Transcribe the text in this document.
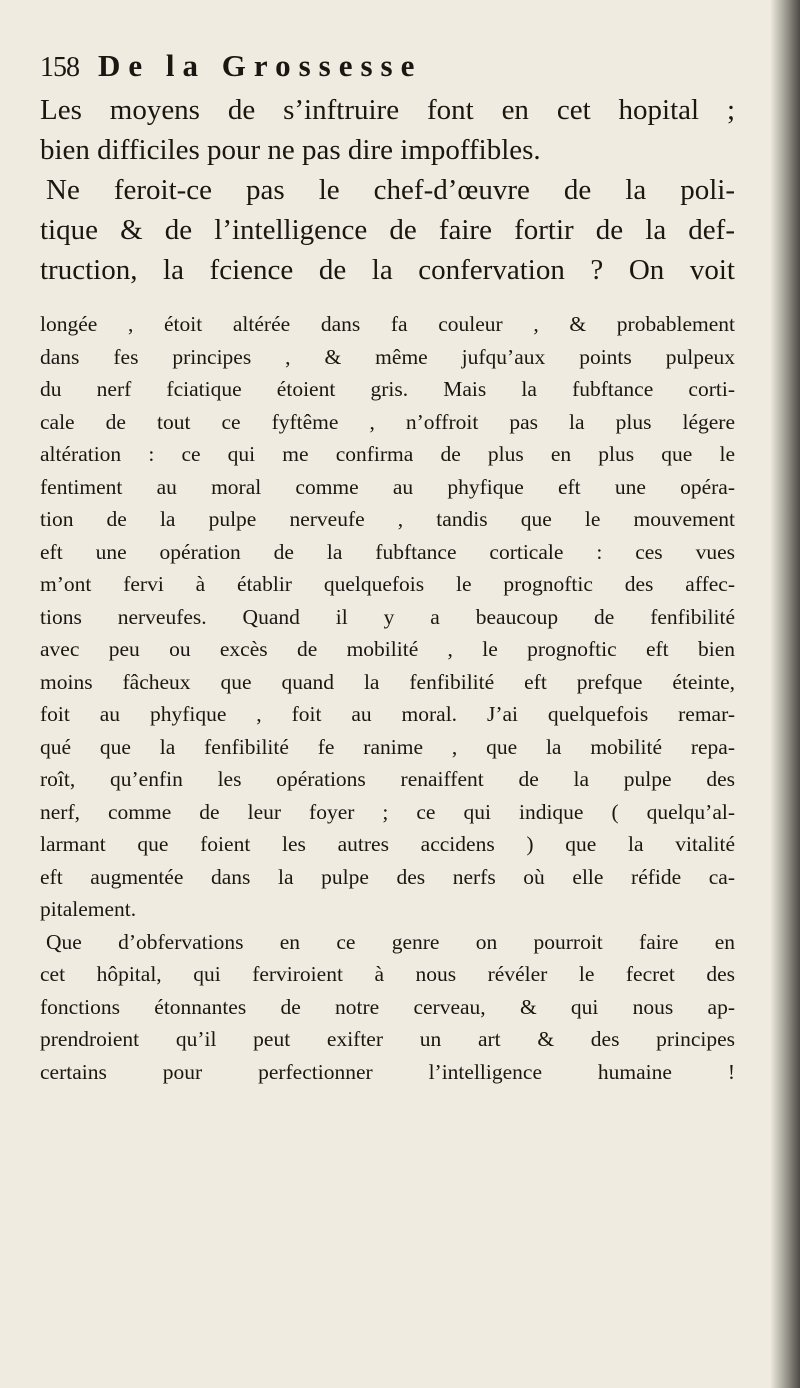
158 De la Grossesse
Les moyens de s’inftruire font en cet hopital ;
bien difficiles pour ne pas dire impoffibles.
Ne feroit-ce pas le chef-d’œuvre de la poli-
tique & de l’intelligence de faire fortir de la def-
truction, la fcience de la confervation ? On voit
longée , étoit altérée dans fa couleur , & probablement
dans fes principes , & même jufqu’aux points pulpeux
du nerf fciatique étoient gris. Mais la fubftance corti-
cale de tout ce fyftême , n’offroit pas la plus légere
altération : ce qui me confirma de plus en plus que le
fentiment au moral comme au phyfique eft une opéra-
tion de la pulpe nerveufe , tandis que le mouvement
eft une opération de la fubftance corticale : ces vues
m’ont fervi à établir quelquefois le prognoftic des affec-
tions nerveufes. Quand il y a beaucoup de fenfibilité
avec peu ou excès de mobilité , le prognoftic eft bien
moins fâcheux que quand la fenfibilité eft prefque éteinte,
foit au phyfique , foit au moral. J’ai quelquefois remar-
qué que la fenfibilité fe ranime , que la mobilité repa-
roît, qu’enfin les opérations renaiffent de la pulpe des
nerf, comme de leur foyer ; ce qui indique ( quelqu’al-
larmant que foient les autres accidens ) que la vitalité
eft augmentée dans la pulpe des nerfs où elle réfide ca-
pitalement.
Que d’obfervations en ce genre on pourroit faire en
cet hôpital, qui ferviroient à nous révéler le fecret des
fonctions étonnantes de notre cerveau, & qui nous ap-
prendroient qu’il peut exifter un art & des principes
certains pour perfectionner l’intelligence humaine !
